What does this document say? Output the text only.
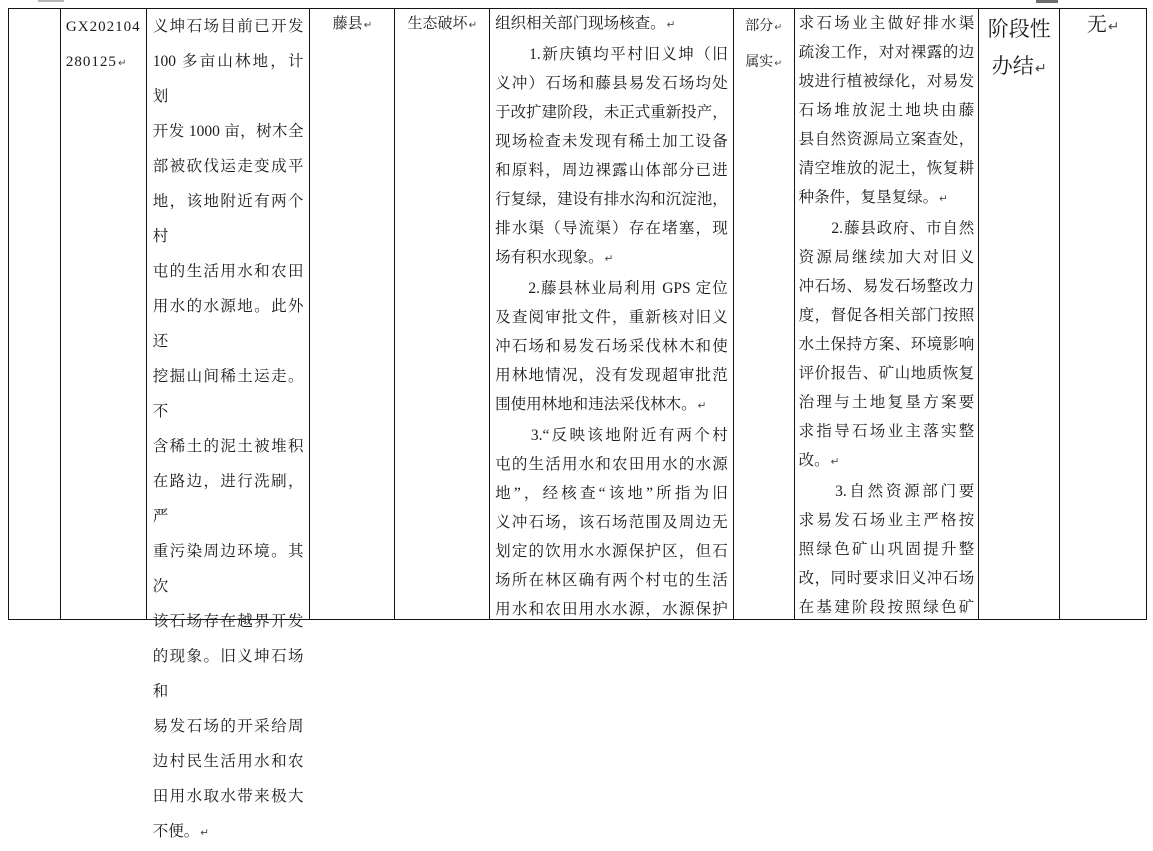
GX202104
280125↵
义坤石场目前已开发
100 多亩山林地，计划
开发 1000 亩，树木全
部被砍伐运走变成平
地，该地附近有两个村
屯的生活用水和农田
用水的水源地。此外还
挖掘山间稀土运走。不
含稀土的泥土被堆积
在路边，进行洗刷，严
重污染周边环境。其次
该石场存在越界开发
的现象。旧义坤石场和
易发石场的开采给周
边村民生活用水和农
田用水取水带来极大
不便。↵
藤县↵	生态破坏↵	组织相关部门现场核查。↵
　　1.新庆镇均平村旧义坤（旧
义冲）石场和藤县易发石场均处
于改扩建阶段，未正式重新投产，
现场检查未发现有稀土加工设备
和原料，周边裸露山体部分已进
行复绿，建设有排水沟和沉淀池，
排水渠（导流渠）存在堵塞，现
场有积水现象。↵
　　2.藤县林业局利用 GPS 定位
及查阅审批文件，重新核对旧义
冲石场和易发石场采伐林木和使
用林地情况，没有发现超审批范
围使用林地和违法采伐林木。↵
　　3.“反映该地附近有两个村
屯的生活用水和农田用水的水源
地”，经核查“该地”所指为旧
义冲石场，该石场范围及周边无
划定的饮用水水源保护区，但石
场所在林区确有两个村屯的生活
用水和农田用水水源，水源保护
部分↵
属实↵
求石场业主做好排水渠
疏浚工作，对对裸露的边
坡进行植被绿化，对易发
石场堆放泥土地块由藤
县自然资源局立案查处，
清空堆放的泥土，恢复耕
种条件，复垦复绿。↵
　　2.藤县政府、市自然
资源局继续加大对旧义
冲石场、易发石场整改力
度，督促各相关部门按照
水土保持方案、环境影响
评价报告、矿山地质恢复
治理与土地复垦方案要
求指导石场业主落实整
改。↵
　　3.自然资源部门要
求易发石场业主严格按
照绿色矿山巩固提升整
改，同时要求旧义冲石场
在基建阶段按照绿色矿
阶段性
办结↵
无↵
